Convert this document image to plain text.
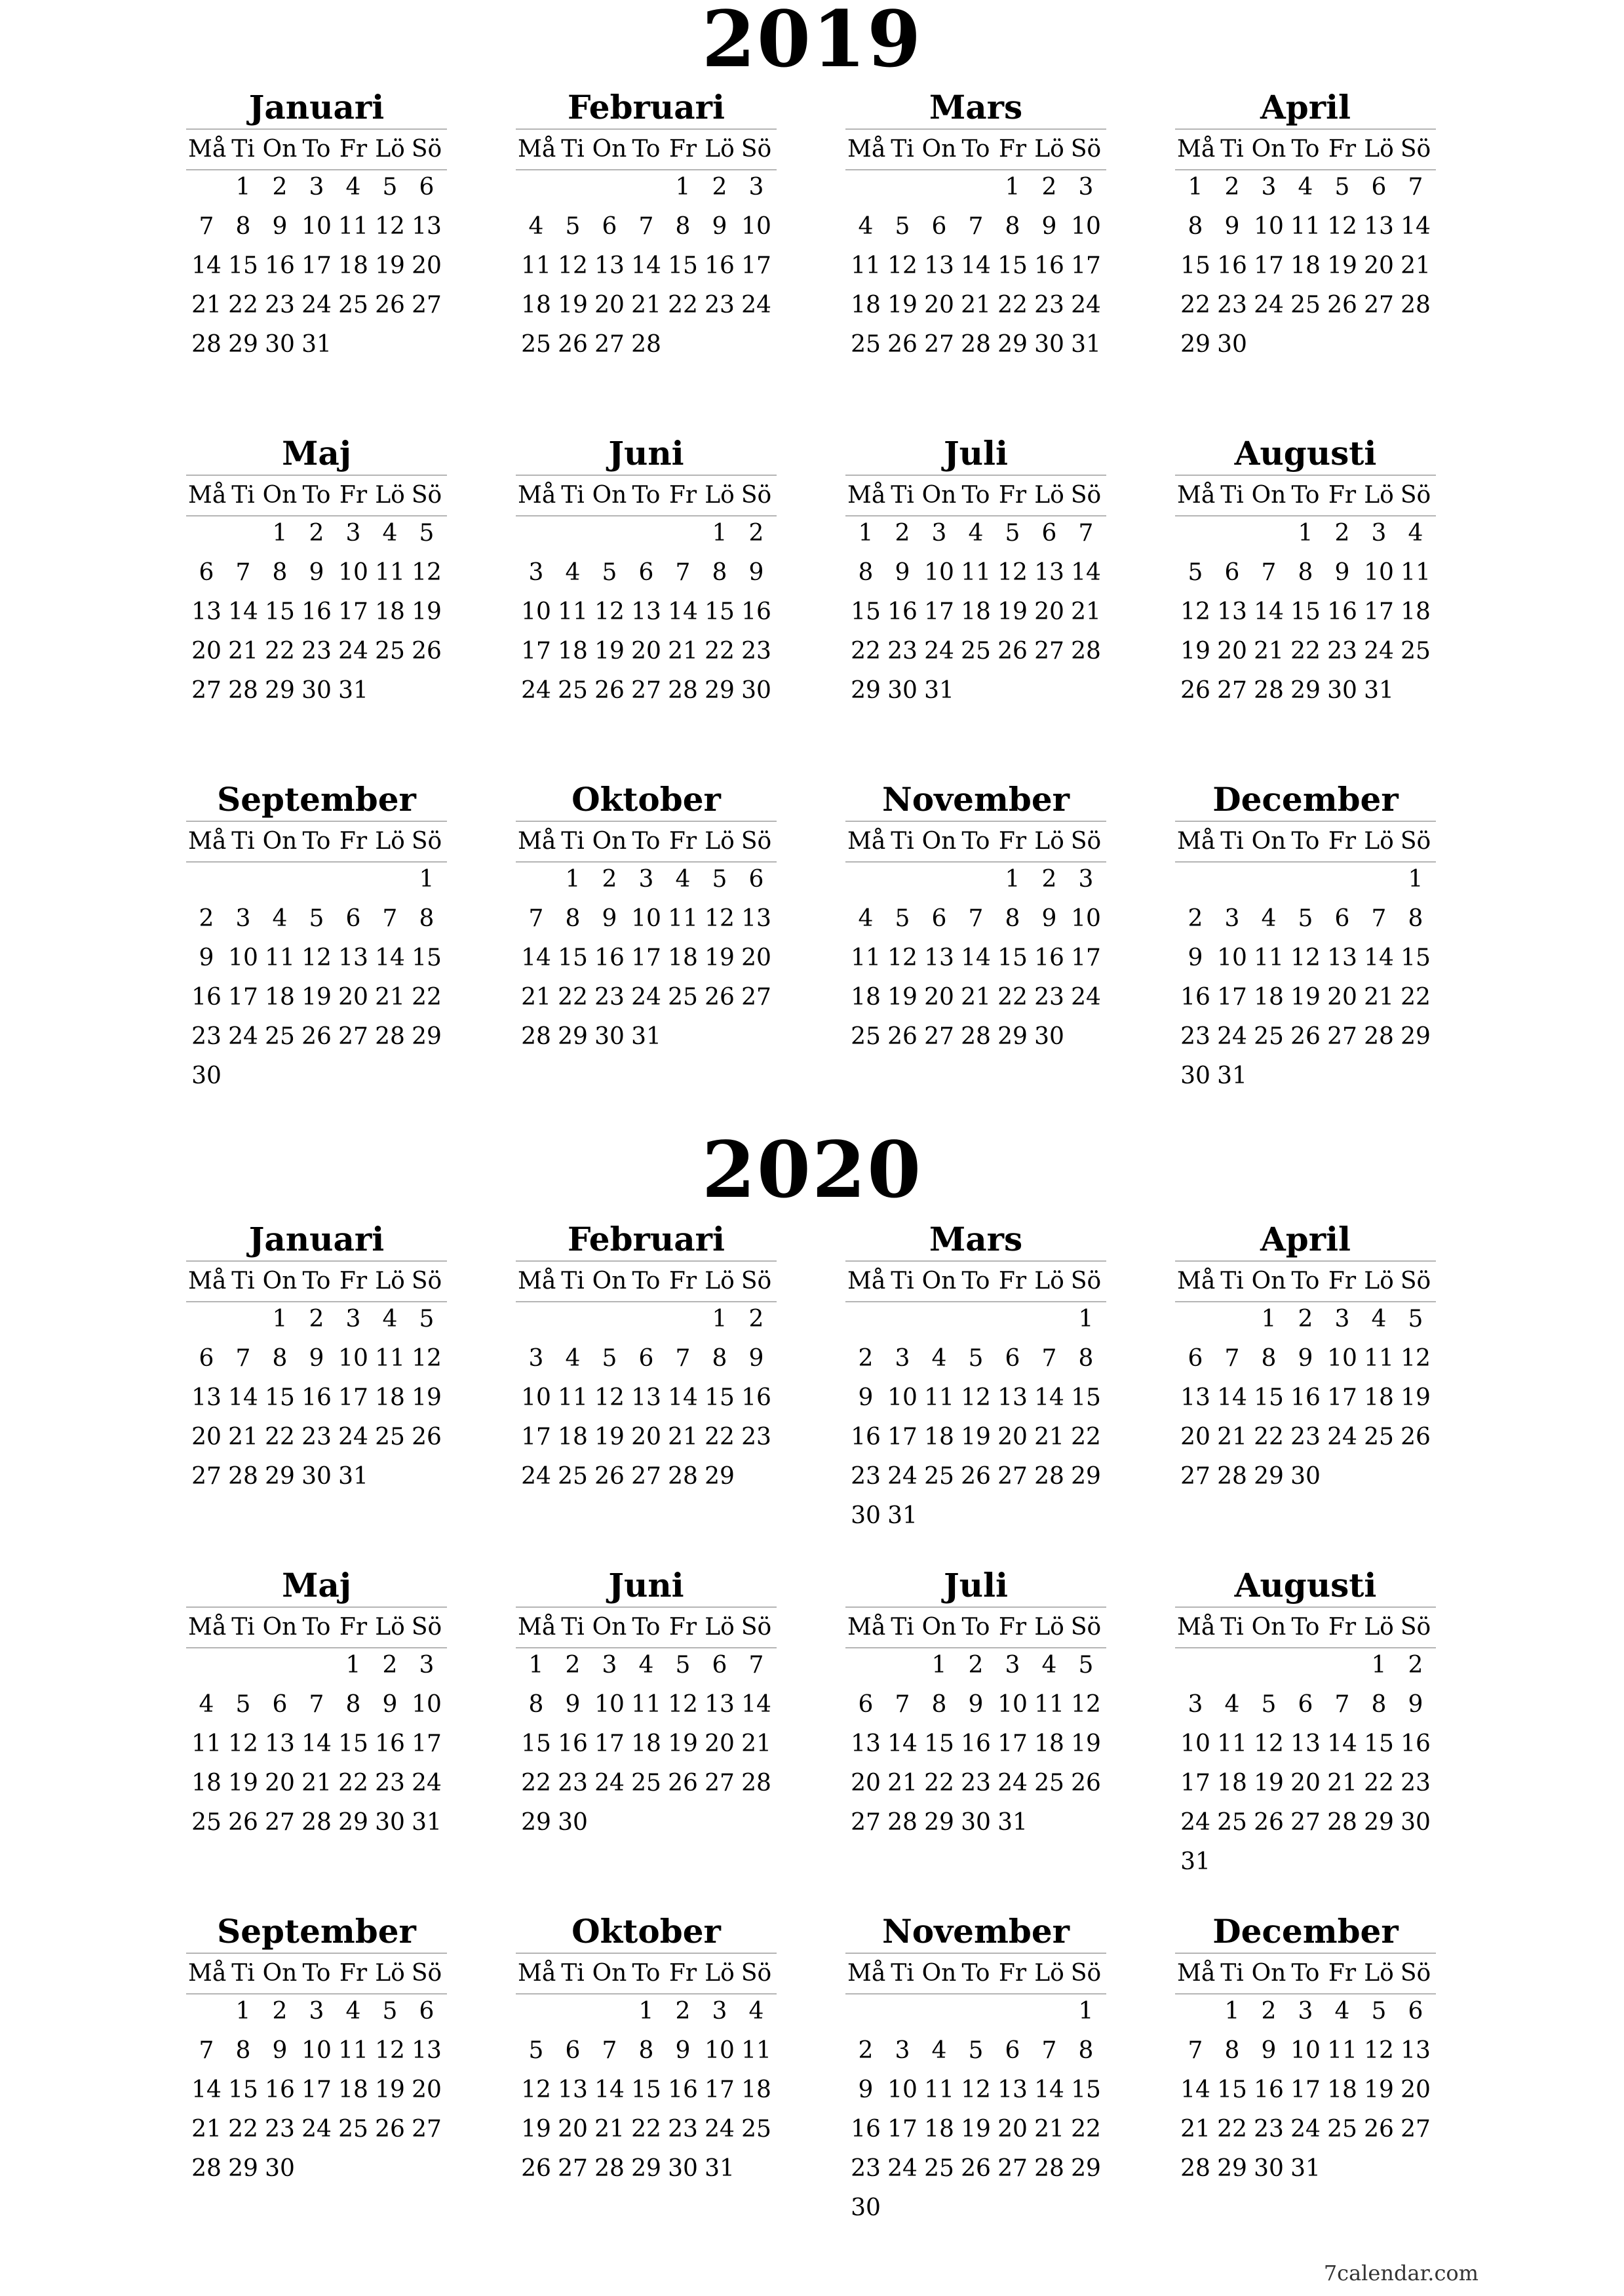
2019
Januari
Må Ti On To Fr Lö Sö
1 2 3 4 5 6
7 8 9 10 11 12 13
14 15 16 17 18 19 20
21 22 23 24 25 26 27
28 29 30 31
Februari
Må Ti On To Fr Lö Sö
1 2 3
4 5 6 7 8 9 10
11 12 13 14 15 16 17
18 19 20 21 22 23 24
25 26 27 28
Mars
Må Ti On To Fr Lö Sö
1 2 3
4 5 6 7 8 9 10
11 12 13 14 15 16 17
18 19 20 21 22 23 24
25 26 27 28 29 30 31
April
Må Ti On To Fr Lö Sö
1 2 3 4 5 6 7
8 9 10 11 12 13 14
15 16 17 18 19 20 21
22 23 24 25 26 27 28
29 30
Maj
Må Ti On To Fr Lö Sö
1 2 3 4 5
6 7 8 9 10 11 12
13 14 15 16 17 18 19
20 21 22 23 24 25 26
27 28 29 30 31
Juni
Må Ti On To Fr Lö Sö
1 2
3 4 5 6 7 8 9
10 11 12 13 14 15 16
17 18 19 20 21 22 23
24 25 26 27 28 29 30
Juli
Må Ti On To Fr Lö Sö
1 2 3 4 5 6 7
8 9 10 11 12 13 14
15 16 17 18 19 20 21
22 23 24 25 26 27 28
29 30 31
Augusti
Må Ti On To Fr Lö Sö
1 2 3 4
5 6 7 8 9 10 11
12 13 14 15 16 17 18
19 20 21 22 23 24 25
26 27 28 29 30 31
September
Må Ti On To Fr Lö Sö
1
2 3 4 5 6 7 8
9 10 11 12 13 14 15
16 17 18 19 20 21 22
23 24 25 26 27 28 29
30
Oktober
Må Ti On To Fr Lö Sö
1 2 3 4 5 6
7 8 9 10 11 12 13
14 15 16 17 18 19 20
21 22 23 24 25 26 27
28 29 30 31
November
Må Ti On To Fr Lö Sö
1 2 3
4 5 6 7 8 9 10
11 12 13 14 15 16 17
18 19 20 21 22 23 24
25 26 27 28 29 30
December
Må Ti On To Fr Lö Sö
1
2 3 4 5 6 7 8
9 10 11 12 13 14 15
16 17 18 19 20 21 22
23 24 25 26 27 28 29
30 31
2020
Januari
Må Ti On To Fr Lö Sö
1 2 3 4 5
6 7 8 9 10 11 12
13 14 15 16 17 18 19
20 21 22 23 24 25 26
27 28 29 30 31
Februari
Må Ti On To Fr Lö Sö
1 2
3 4 5 6 7 8 9
10 11 12 13 14 15 16
17 18 19 20 21 22 23
24 25 26 27 28 29
Mars
Må Ti On To Fr Lö Sö
1
2 3 4 5 6 7 8
9 10 11 12 13 14 15
16 17 18 19 20 21 22
23 24 25 26 27 28 29
30 31
April
Må Ti On To Fr Lö Sö
1 2 3 4 5
6 7 8 9 10 11 12
13 14 15 16 17 18 19
20 21 22 23 24 25 26
27 28 29 30
Maj
Må Ti On To Fr Lö Sö
1 2 3
4 5 6 7 8 9 10
11 12 13 14 15 16 17
18 19 20 21 22 23 24
25 26 27 28 29 30 31
Juni
Må Ti On To Fr Lö Sö
1 2 3 4 5 6 7
8 9 10 11 12 13 14
15 16 17 18 19 20 21
22 23 24 25 26 27 28
29 30
Juli
Må Ti On To Fr Lö Sö
1 2 3 4 5
6 7 8 9 10 11 12
13 14 15 16 17 18 19
20 21 22 23 24 25 26
27 28 29 30 31
Augusti
Må Ti On To Fr Lö Sö
1 2
3 4 5 6 7 8 9
10 11 12 13 14 15 16
17 18 19 20 21 22 23
24 25 26 27 28 29 30
31
September
Må Ti On To Fr Lö Sö
1 2 3 4 5 6
7 8 9 10 11 12 13
14 15 16 17 18 19 20
21 22 23 24 25 26 27
28 29 30
Oktober
Må Ti On To Fr Lö Sö
1 2 3 4
5 6 7 8 9 10 11
12 13 14 15 16 17 18
19 20 21 22 23 24 25
26 27 28 29 30 31
November
Må Ti On To Fr Lö Sö
1
2 3 4 5 6 7 8
9 10 11 12 13 14 15
16 17 18 19 20 21 22
23 24 25 26 27 28 29
30
December
Må Ti On To Fr Lö Sö
1 2 3 4 5 6
7 8 9 10 11 12 13
14 15 16 17 18 19 20
21 22 23 24 25 26 27
28 29 30 31
7calendar.com
